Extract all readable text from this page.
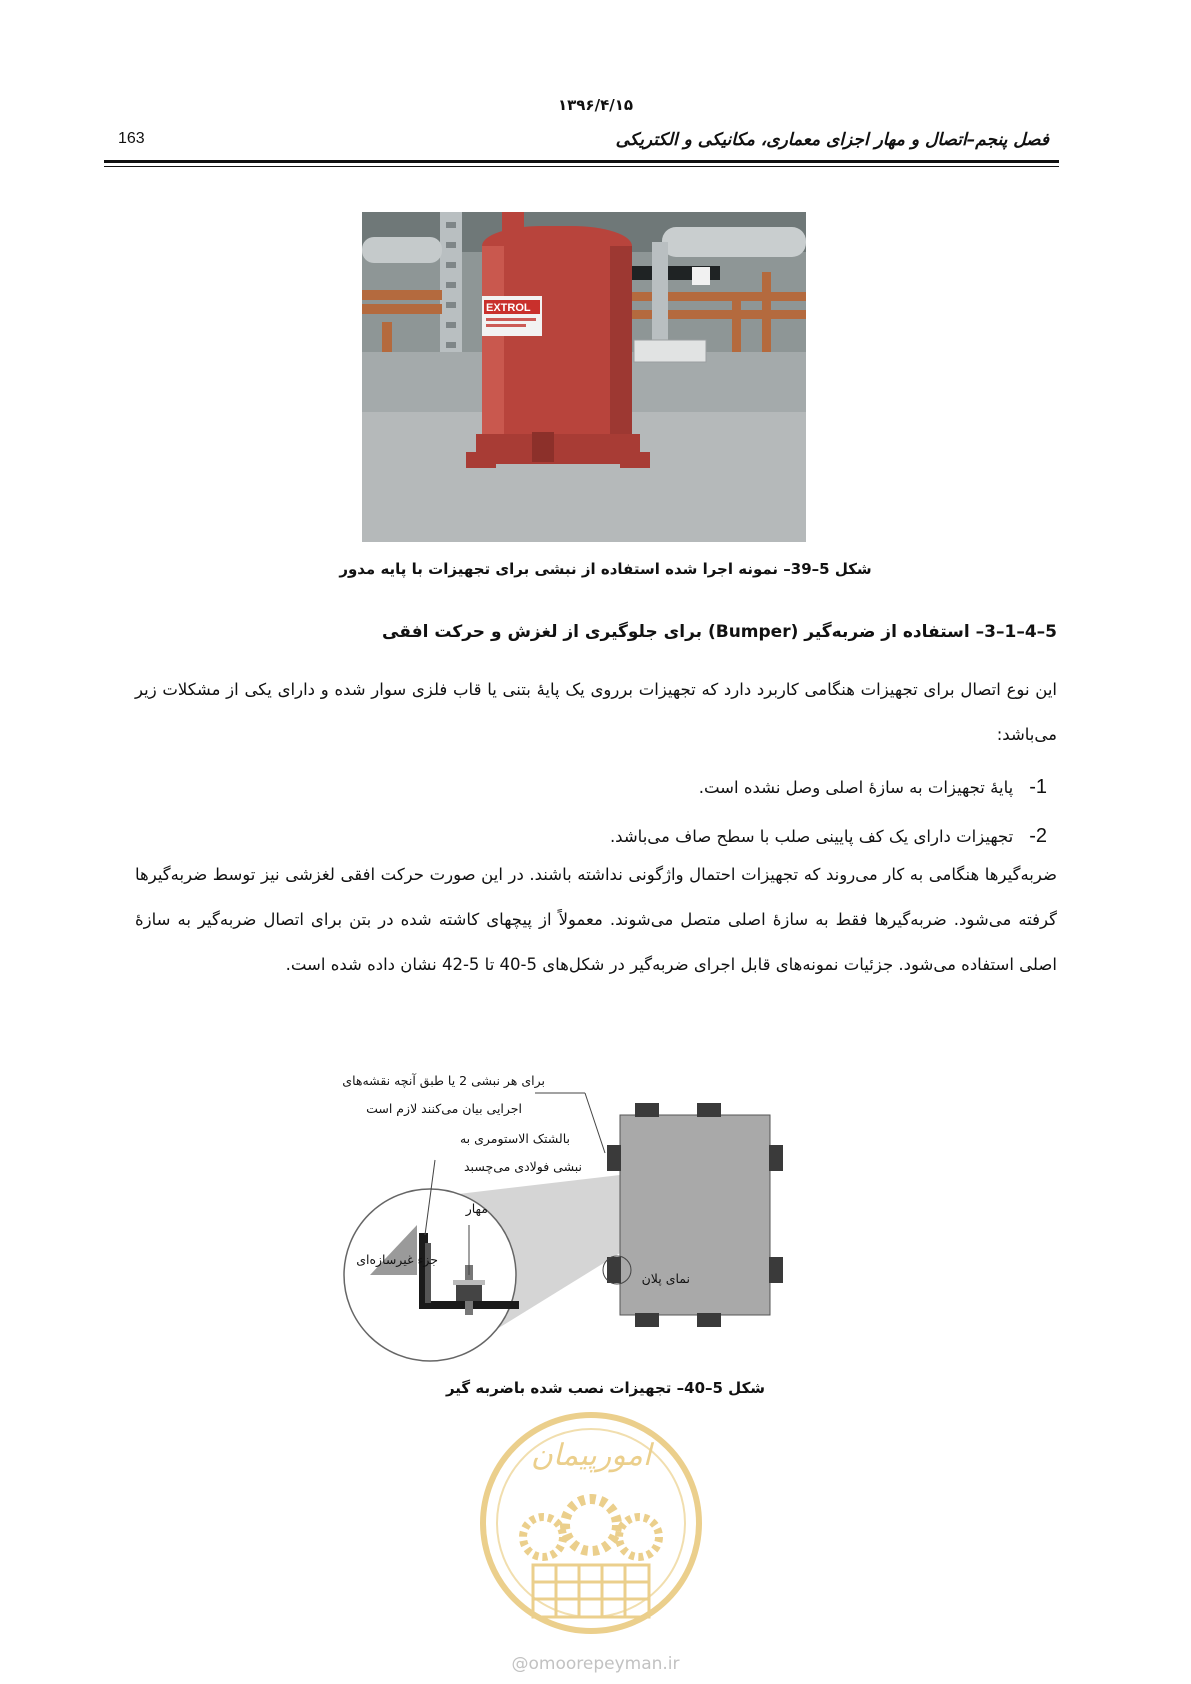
۱۳۹۶/۴/۱۵
فصل پنجم–اتصال و مهار اجزای معماری، مکانیکی و الکتریکی
163
EXTROL
شکل 5–39– نمونه اجرا شده استفاده از نبشی برای تجهیزات با پایه مدور
5–4–1–3– استفاده از ضربه‌گیر (Bumper) برای جلوگیری از لغزش و حرکت افقی
این نوع اتصال برای تجهیزات هنگامی کاربرد دارد که تجهیزات برروی یک پایهٔ بتنی یا قاب فلزی سوار شده و دارای یکی از مشکلات زیر می‌باشد:
1-پایهٔ تجهیزات به سازهٔ اصلی وصل نشده است.
2-تجهیزات دارای یک کف پایینی صلب با سطح صاف می‌باشد.
ضربه‌گیرها هنگامی به کار می‌روند که تجهیزات احتمال واژگونی نداشته باشند. در این صورت حرکت افقی لغزشی نیز توسط ضربه‌گیرها گرفته می‌شود. ضربه‌گیرها فقط به سازهٔ اصلی متصل می‌شوند. معمولاً از پیچهای کاشته شده در بتن برای اتصال ضربه‌گیر به سازهٔ اصلی استفاده می‌شود. جزئیات نمونه‌های قابل اجرای ضربه‌گیر در شکل‌های 5-40 تا 5-42 نشان داده شده است.
برای هر نبشی 2 یا طبق آنچه نقشه‌های
اجرایی بیان می‌کنند لازم است
بالشتک الاستومری به
نبشی فولادی می‌چسبد
مهار
جزء غیرسازه‌ای
نمای پلان
شکل 5–40– تجهیزات نصب شده باضربه گیر
امورپیمان
@omoorepeyman.ir
